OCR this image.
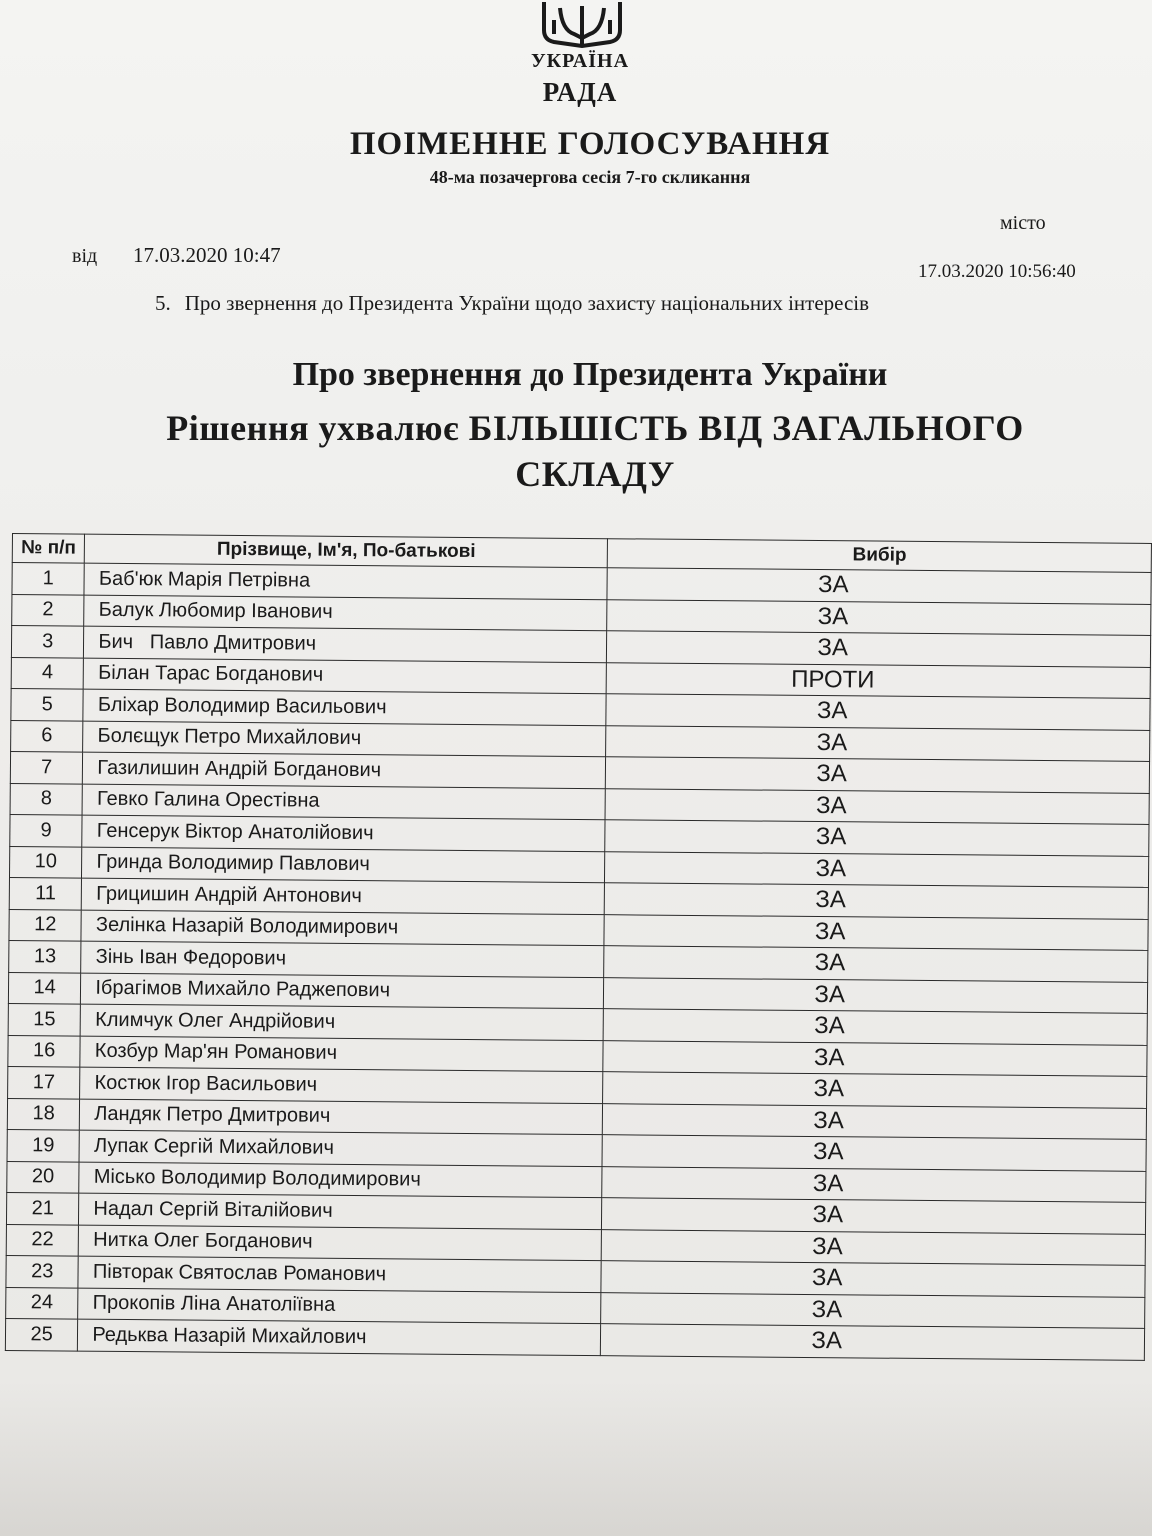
УКРАЇНА
РАДА
ПОІМЕННЕ ГОЛОСУВАННЯ
48-ма позачергова сесія 7-го скликання
місто
від 17.03.2020 10:47
17.03.2020 10:56:40
5. Про звернення до Президента України щодо захисту національних інтересів
Про звернення до Президента України
Рішення ухвалює БІЛЬШІСТЬ ВІД ЗАГАЛЬНОГО СКЛАДУ
№ п/п	Прізвище, Ім'я, По-батькові	Вибір
1	Баб'юк Марія Петрівна	ЗА
2	Балук Любомир Іванович	ЗА
3	Бич   Павло Дмитрович	ЗА
4	Білан Тарас Богданович	ПРОТИ
5	Бліхар Володимир Васильович	ЗА
6	Болєщук Петро Михайлович	ЗА
7	Газилишин Андрій Богданович	ЗА
8	Гевко Галина Орестівна	ЗА
9	Генсерук Віктор Анатолійович	ЗА
10	Гринда Володимир Павлович	ЗА
11	Грицишин Андрій Антонович	ЗА
12	Зелінка Назарій Володимирович	ЗА
13	Зінь Іван Федорович	ЗА
14	Ібрагімов Михайло Раджепович	ЗА
15	Климчук Олег Андрійович	ЗА
16	Козбур Мар'ян Романович	ЗА
17	Костюк Ігор Васильович	ЗА
18	Ландяк Петро Дмитрович	ЗА
19	Лупак Сергій Михайлович	ЗА
20	Місько Володимир Володимирович	ЗА
21	Надал Сергій Віталійович	ЗА
22	Нитка Олег Богданович	ЗА
23	Півторак Святослав Романович	ЗА
24	Прокопів Ліна Анатоліївна	ЗА
25	Редьква Назарій Михайлович	ЗА
